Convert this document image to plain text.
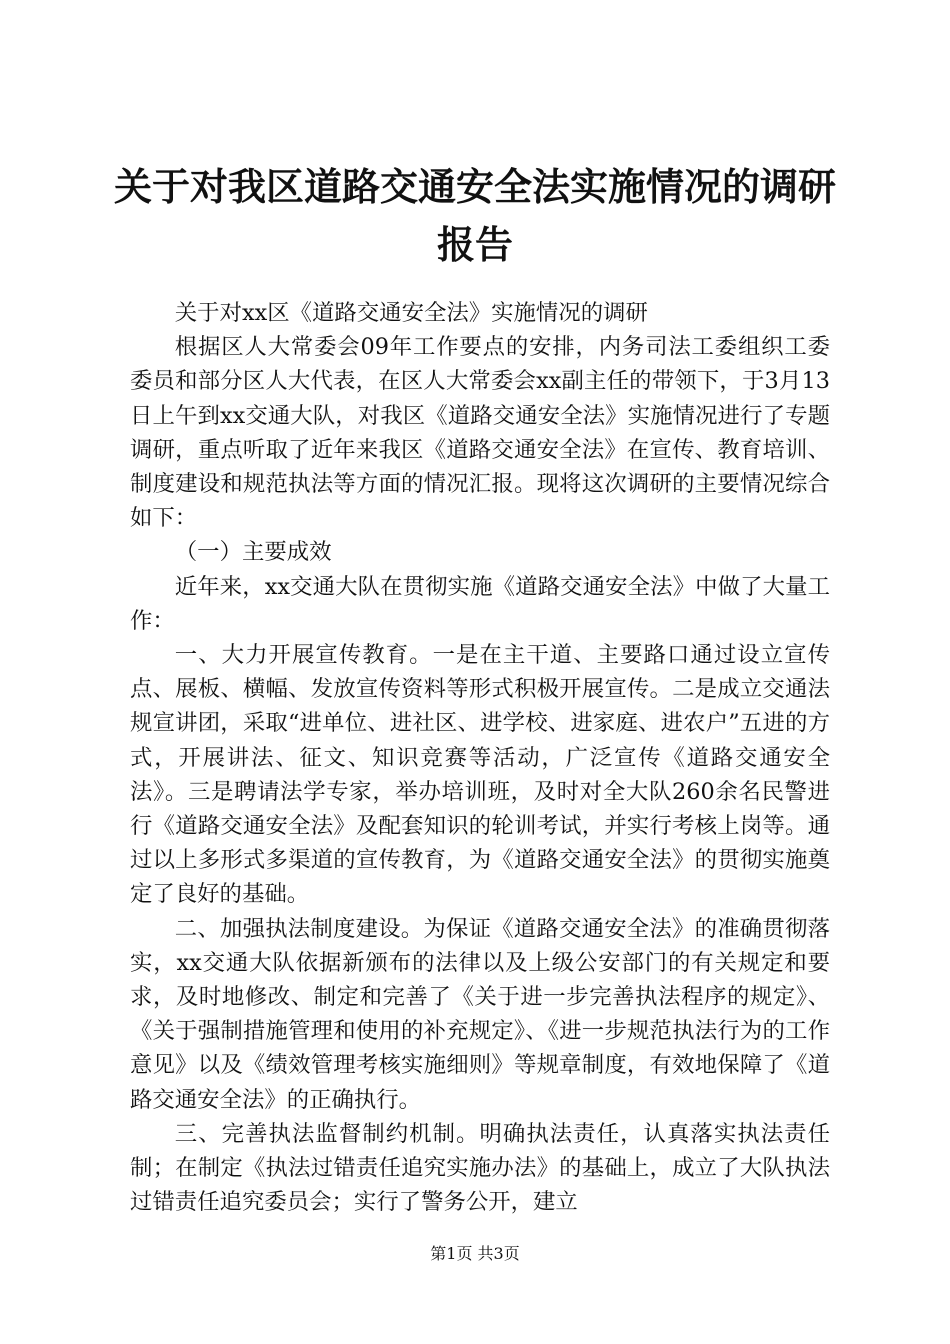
关于对我区道路交通安全法实施情况的调研报告

关于对xx区《道路交通安全法》实施情况的调研

根据区人大常委会09年工作要点的安排，内务司法工委组织工委委员和部分区人大代表，在区人大常委会xx副主任的带领下，于3月13日上午到xx交通大队，对我区《道路交通安全法》实施情况进行了专题调研，重点听取了近年来我区《道路交通安全法》在宣传、教育培训、制度建设和规范执法等方面的情况汇报。现将这次调研的主要情况综合如下：

（一）主要成效

近年来，xx交通大队在贯彻实施《道路交通安全法》中做了大量工作：

一、大力开展宣传教育。一是在主干道、主要路口通过设立宣传点、展板、横幅、发放宣传资料等形式积极开展宣传。二是成立交通法规宣讲团，采取“进单位、进社区、进学校、进家庭、进农户”五进的方式，开展讲法、征文、知识竞赛等活动，广泛宣传《道路交通安全法》。三是聘请法学专家，举办培训班，及时对全大队260余名民警进行《道路交通安全法》及配套知识的轮训考试，并实行考核上岗等。通过以上多形式多渠道的宣传教育，为《道路交通安全法》的贯彻实施奠定了良好的基础。

二、加强执法制度建设。为保证《道路交通安全法》的准确贯彻落实，xx交通大队依据新颁布的法律以及上级公安部门的有关规定和要求，及时地修改、制定和完善了《关于进一步完善执法程序的规定》、《关于强制措施管理和使用的补充规定》、《进一步规范执法行为的工作意见》以及《绩效管理考核实施细则》等规章制度，有效地保障了《道路交通安全法》的正确执行。

三、完善执法监督制约机制。明确执法责任，认真落实执法责任制；在制定《执法过错责任追究实施办法》的基础上，成立了大队执法过错责任追究委员会；实行了警务公开，建立

第1页 共3页
